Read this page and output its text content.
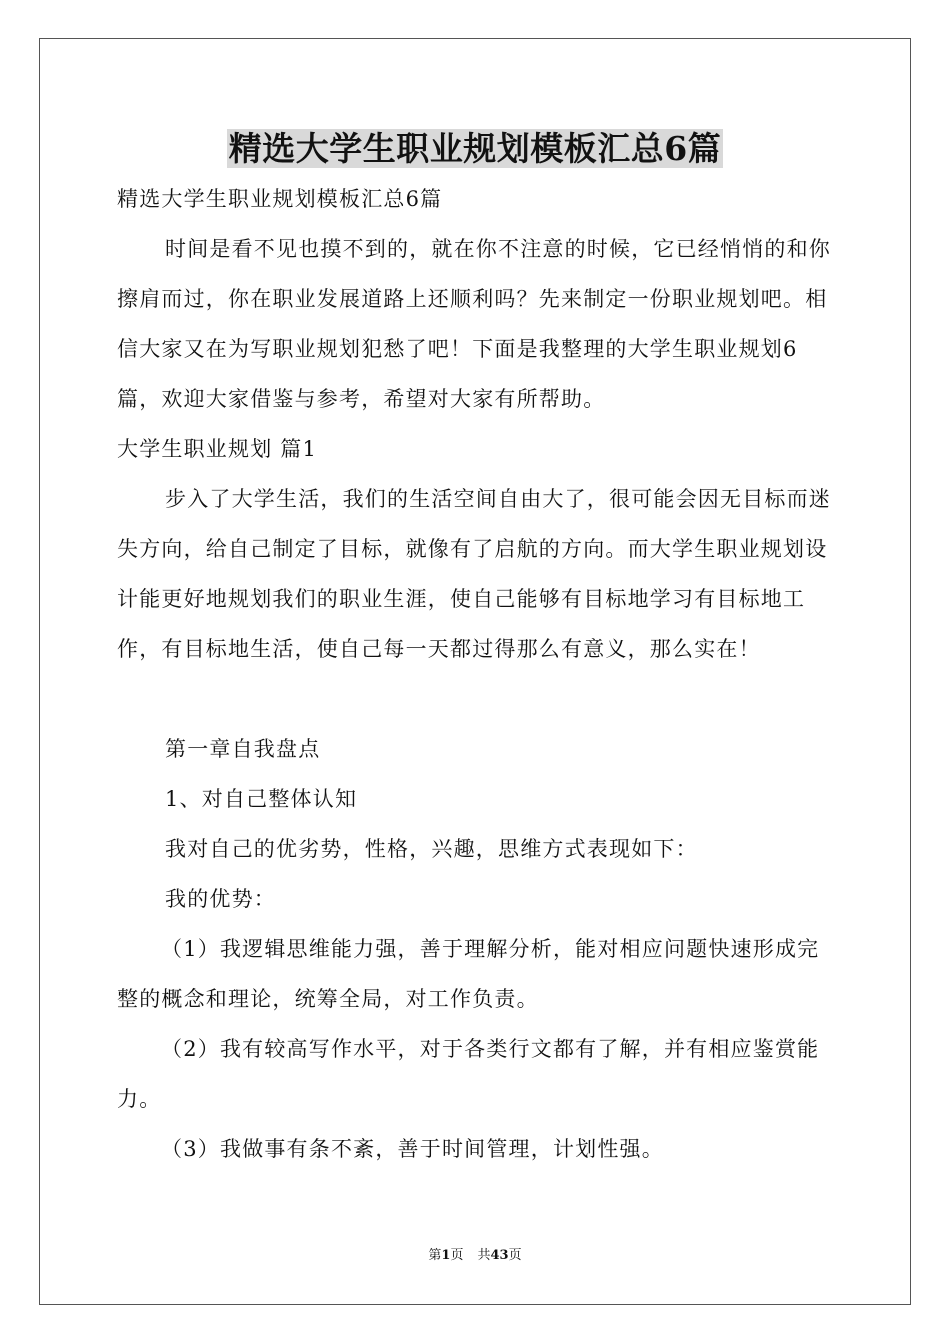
精选大学生职业规划模板汇总6篇

精选大学生职业规划模板汇总6篇

时间是看不见也摸不到的，就在你不注意的时候，它已经悄悄的和你擦肩而过，你在职业发展道路上还顺利吗？先来制定一份职业规划吧。相信大家又在为写职业规划犯愁了吧！下面是我整理的大学生职业规划6篇，欢迎大家借鉴与参考，希望对大家有所帮助。

大学生职业规划 篇1

步入了大学生活，我们的生活空间自由大了，很可能会因无目标而迷失方向，给自己制定了目标，就像有了启航的方向。而大学生职业规划设计能更好地规划我们的职业生涯，使自己能够有目标地学习有目标地工作，有目标地生活，使自己每一天都过得那么有意义，那么实在！

第一章自我盘点

1、对自己整体认知

我对自己的优劣势，性格，兴趣，思维方式表现如下：

我的优势：

（1）我逻辑思维能力强，善于理解分析，能对相应问题快速形成完整的概念和理论，统筹全局，对工作负责。

（2）我有较高写作水平，对于各类行文都有了解，并有相应鉴赏能力。

（3）我做事有条不紊，善于时间管理，计划性强。

第1页 共43页
